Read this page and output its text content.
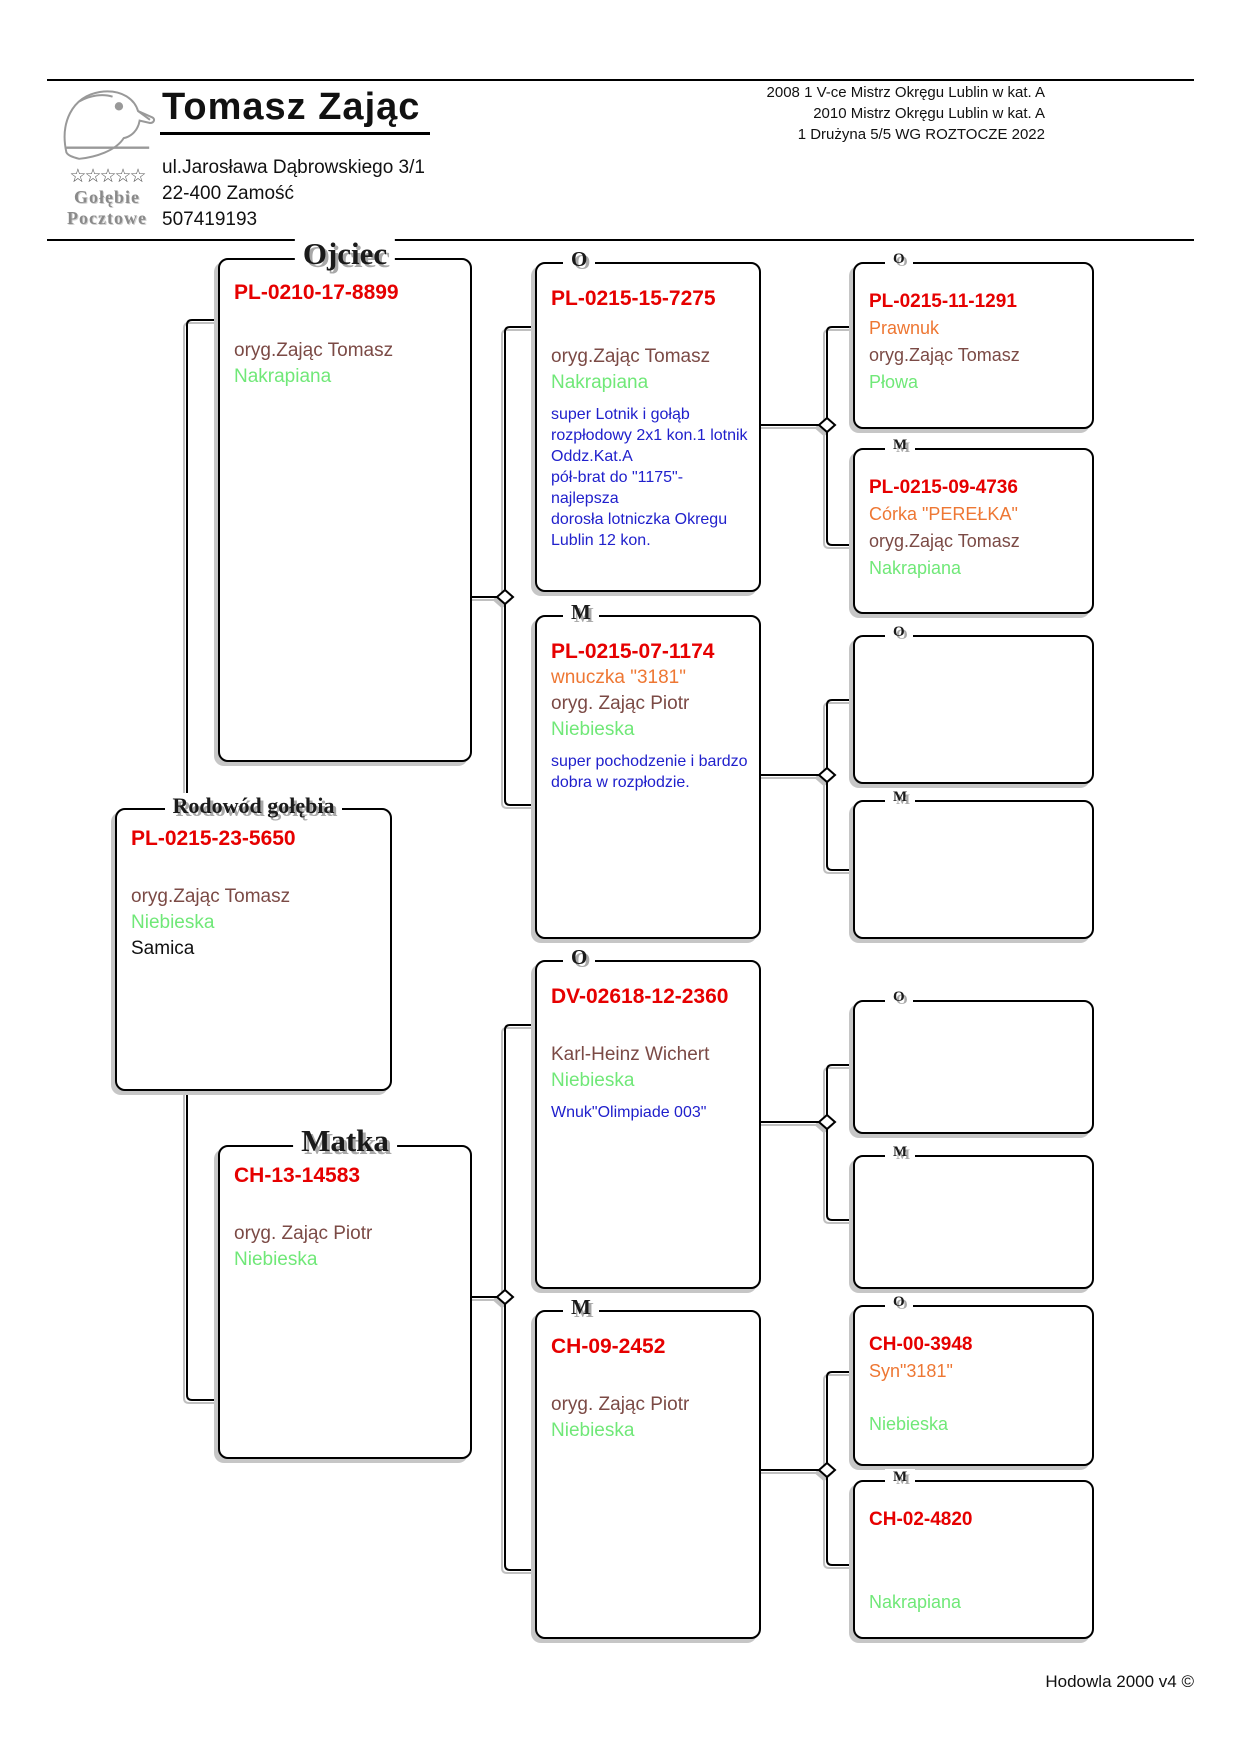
☆☆☆☆☆
Gołębie
Pocztowe
Tomasz Zając
ul.Jarosława Dąbrowskiego 3/1
22-400 Zamość
507419193
2008 1 V-ce Mistrz Okręgu Lublin w kat. A
2010 Mistrz Okręgu Lublin w kat. A
1 Drużyna 5/5 WG ROZTOCZE 2022
Ojciec
PL-0210-17-8899
oryg.Zając Tomasz
Nakrapiana
Rodowód gołębia
PL-0215-23-5650
oryg.Zając Tomasz
Niebieska
Samica
Matka
CH-13-14583
oryg. Zając Piotr
Niebieska
O
PL-0215-15-7275
oryg.Zając Tomasz
Nakrapiana
super Lotnik i gołąb
rozpłodowy 2x1 kon.1 lotnik
Oddz.Kat.A
pół-brat do "1175"-najlepsza
dorosła lotniczka Okregu
Lublin 12 kon.
M
PL-0215-07-1174
wnuczka "3181"
oryg. Zając Piotr
Niebieska
super pochodzenie i bardzo
dobra w rozpłodzie.
O
DV-02618-12-2360
Karl-Heinz Wichert
Niebieska
Wnuk"Olimpiade 003"
M
CH-09-2452
oryg. Zając Piotr
Niebieska
O
PL-0215-11-1291
Prawnuk
oryg.Zając Tomasz
Płowa
M
PL-0215-09-4736
Córka "PEREŁKA"
oryg.Zając Tomasz
Nakrapiana
O
M
O
M
O
CH-00-3948
Syn"3181"
Niebieska
M
CH-02-4820
Nakrapiana
Hodowla 2000 v4 ©
